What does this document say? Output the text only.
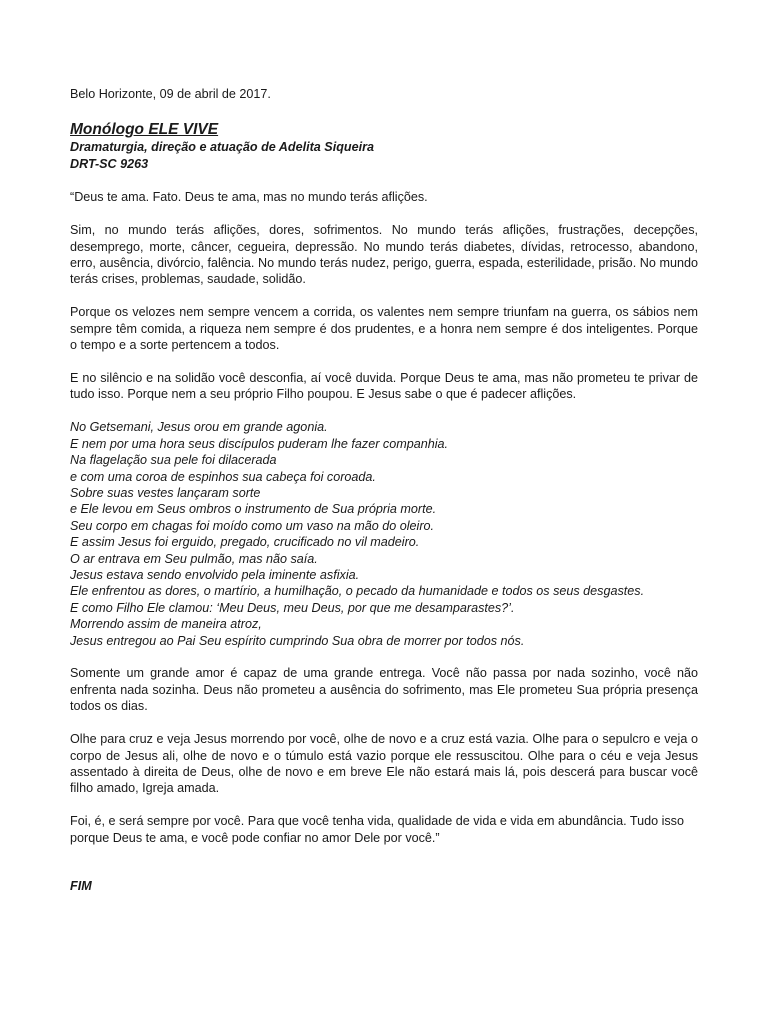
Belo Horizonte, 09 de abril de 2017.
Monólogo ELE VIVE
Dramaturgia, direção e atuação de Adelita Siqueira
DRT-SC 9263

“Deus te ama. Fato. Deus te ama, mas no mundo terás aflições.

Sim, no mundo terás aflições, dores, sofrimentos. No mundo terás aflições, frustrações, decepções, desemprego, morte, câncer, cegueira, depressão. No mundo terás diabetes, dívidas, retrocesso, abandono, erro, ausência, divórcio, falência. No mundo terás nudez, perigo, guerra, espada, esterilidade, prisão. No mundo terás crises, problemas, saudade, solidão.

Porque os velozes nem sempre vencem a corrida, os valentes nem sempre triunfam na guerra, os sábios nem sempre têm comida, a riqueza nem sempre é dos prudentes, e a honra nem sempre é dos inteligentes. Porque o tempo e a sorte pertencem a todos.

E no silêncio e na solidão você desconfia, aí você duvida. Porque Deus te ama, mas não prometeu te privar de tudo isso. Porque nem a seu próprio Filho poupou. E Jesus sabe o que é padecer aflições.

No Getsemani, Jesus orou em grande agonia.
E nem por uma hora seus discípulos puderam lhe fazer companhia.
Na flagelação sua pele foi dilacerada
e com uma coroa de espinhos sua cabeça foi coroada.
Sobre suas vestes lançaram sorte
e Ele levou em Seus ombros o instrumento de Sua própria morte.
Seu corpo em chagas foi moído como um vaso na mão do oleiro.
E assim Jesus foi erguido, pregado, crucificado no vil madeiro.
O ar entrava em Seu pulmão, mas não saía.
Jesus estava sendo envolvido pela iminente asfixia.
Ele enfrentou as dores, o martírio, a humilhação, o pecado da humanidade e todos os seus desgastes.
E como Filho Ele clamou: ‘Meu Deus, meu Deus, por que me desamparastes?’.
Morrendo assim de maneira atroz,
Jesus entregou ao Pai Seu espírito cumprindo Sua obra de morrer por todos nós.

Somente um grande amor é capaz de uma grande entrega. Você não passa por nada sozinho, você não enfrenta nada sozinha. Deus não prometeu a ausência do sofrimento, mas Ele prometeu Sua própria presença todos os dias.

Olhe para cruz e veja Jesus morrendo por você, olhe de novo e a cruz está vazia. Olhe para o sepulcro e veja o corpo de Jesus ali, olhe de novo e o túmulo está vazio porque ele ressuscitou. Olhe para o céu e veja Jesus assentado à direita de Deus, olhe de novo e em breve Ele não estará mais lá, pois descerá para buscar você filho amado, Igreja amada.

Foi, é, e será sempre por você. Para que você tenha vida, qualidade de vida e vida em abundância. Tudo isso porque Deus te ama, e você pode confiar no amor Dele por você.”

FIM
